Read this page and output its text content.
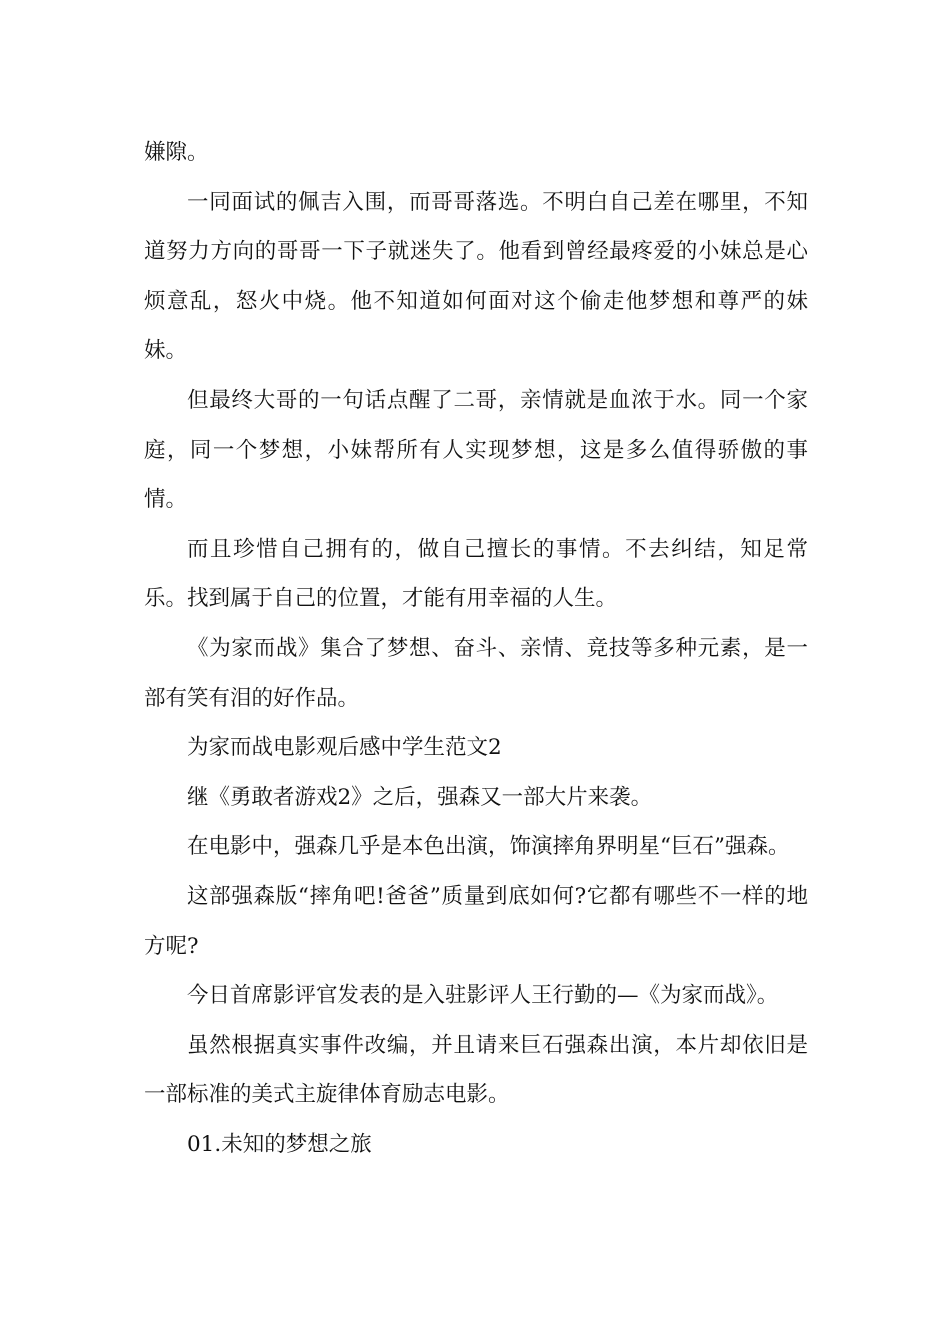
嫌隙。

一同面试的佩吉入围，而哥哥落选。不明白自己差在哪里，不知道努力方向的哥哥一下子就迷失了。他看到曾经最疼爱的小妹总是心烦意乱，怒火中烧。他不知道如何面对这个偷走他梦想和尊严的妹妹。

但最终大哥的一句话点醒了二哥，亲情就是血浓于水。同一个家庭，同一个梦想，小妹帮所有人实现梦想，这是多么值得骄傲的事情。

而且珍惜自己拥有的，做自己擅长的事情。不去纠结，知足常乐。找到属于自己的位置，才能有用幸福的人生。

《为家而战》集合了梦想、奋斗、亲情、竞技等多种元素，是一部有笑有泪的好作品。

为家而战电影观后感中学生范文2

继《勇敢者游戏2》之后，强森又一部大片来袭。

在电影中，强森几乎是本色出演，饰演摔角界明星“巨石”强森。

这部强森版“摔角吧!爸爸”质量到底如何?它都有哪些不一样的地方呢?

今日首席影评官发表的是入驻影评人王行勤的—《为家而战》。

虽然根据真实事件改编，并且请来巨石强森出演，本片却依旧是一部标准的美式主旋律体育励志电影。

01.未知的梦想之旅
